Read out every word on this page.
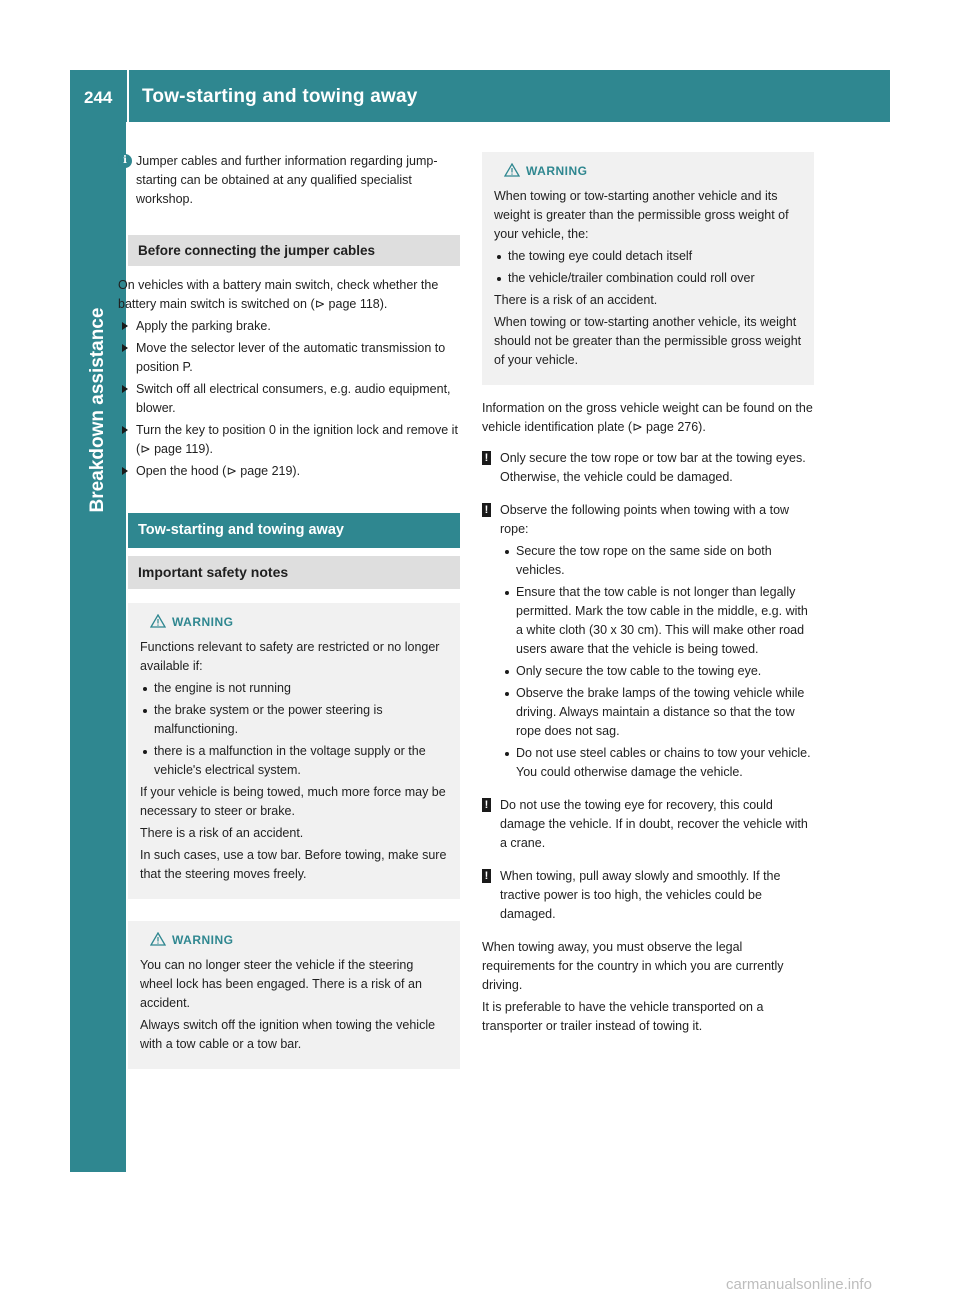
244 Tow-starting and towing away
Breakdown assistance
i Jumper cables and further information regarding jump-starting can be obtained at any qualified specialist workshop.
Before connecting the jumper cables

On vehicles with a battery main switch, check whether the battery main switch is switched on (⊳ page 118).

Apply the parking brake.
Move the selector lever of the automatic transmission to position P.
Switch off all electrical consumers, e.g. audio equipment, blower.
Turn the key to position 0 in the ignition lock and remove it (⊳ page 119).
Open the hood (⊳ page 219).
Tow-starting and towing away
Important safety notes
WARNING

Functions relevant to safety are restricted or no longer available if:

the engine is not running
the brake system or the power steering is malfunctioning.
there is a malfunction in the voltage supply or the vehicle's electrical system.

If your vehicle is being towed, much more force may be necessary to steer or brake.

There is a risk of an accident.

In such cases, use a tow bar. Before towing, make sure that the steering moves freely.

WARNING

You can no longer steer the vehicle if the steering wheel lock has been engaged. There is a risk of an accident.

Always switch off the ignition when towing the vehicle with a tow cable or a tow bar.

WARNING

When towing or tow-starting another vehicle and its weight is greater than the permissible gross weight of your vehicle, the:

the towing eye could detach itself
the vehicle/trailer combination could roll over

There is a risk of an accident.

When towing or tow-starting another vehicle, its weight should not be greater than the permissible gross weight of your vehicle.

Information on the gross vehicle weight can be found on the vehicle identification plate (⊳ page 276).

! Only secure the tow rope or tow bar at the towing eyes. Otherwise, the vehicle could be damaged.
! Observe the following points when towing with a tow rope:
Secure the tow rope on the same side on both vehicles.
Ensure that the tow cable is not longer than legally permitted. Mark the tow cable in the middle, e.g. with a white cloth (30 x 30 cm). This will make other road users aware that the vehicle is being towed.
Only secure the tow cable to the towing eye.
Observe the brake lamps of the towing vehicle while driving. Always maintain a distance so that the tow rope does not sag.
Do not use steel cables or chains to tow your vehicle. You could otherwise damage the vehicle.
! Do not use the towing eye for recovery, this could damage the vehicle. If in doubt, recover the vehicle with a crane.
! When towing, pull away slowly and smoothly. If the tractive power is too high, the vehicles could be damaged.

When towing away, you must observe the legal requirements for the country in which you are currently driving.

It is preferable to have the vehicle transported on a transporter or trailer instead of towing it.

carmanualsonline.info
